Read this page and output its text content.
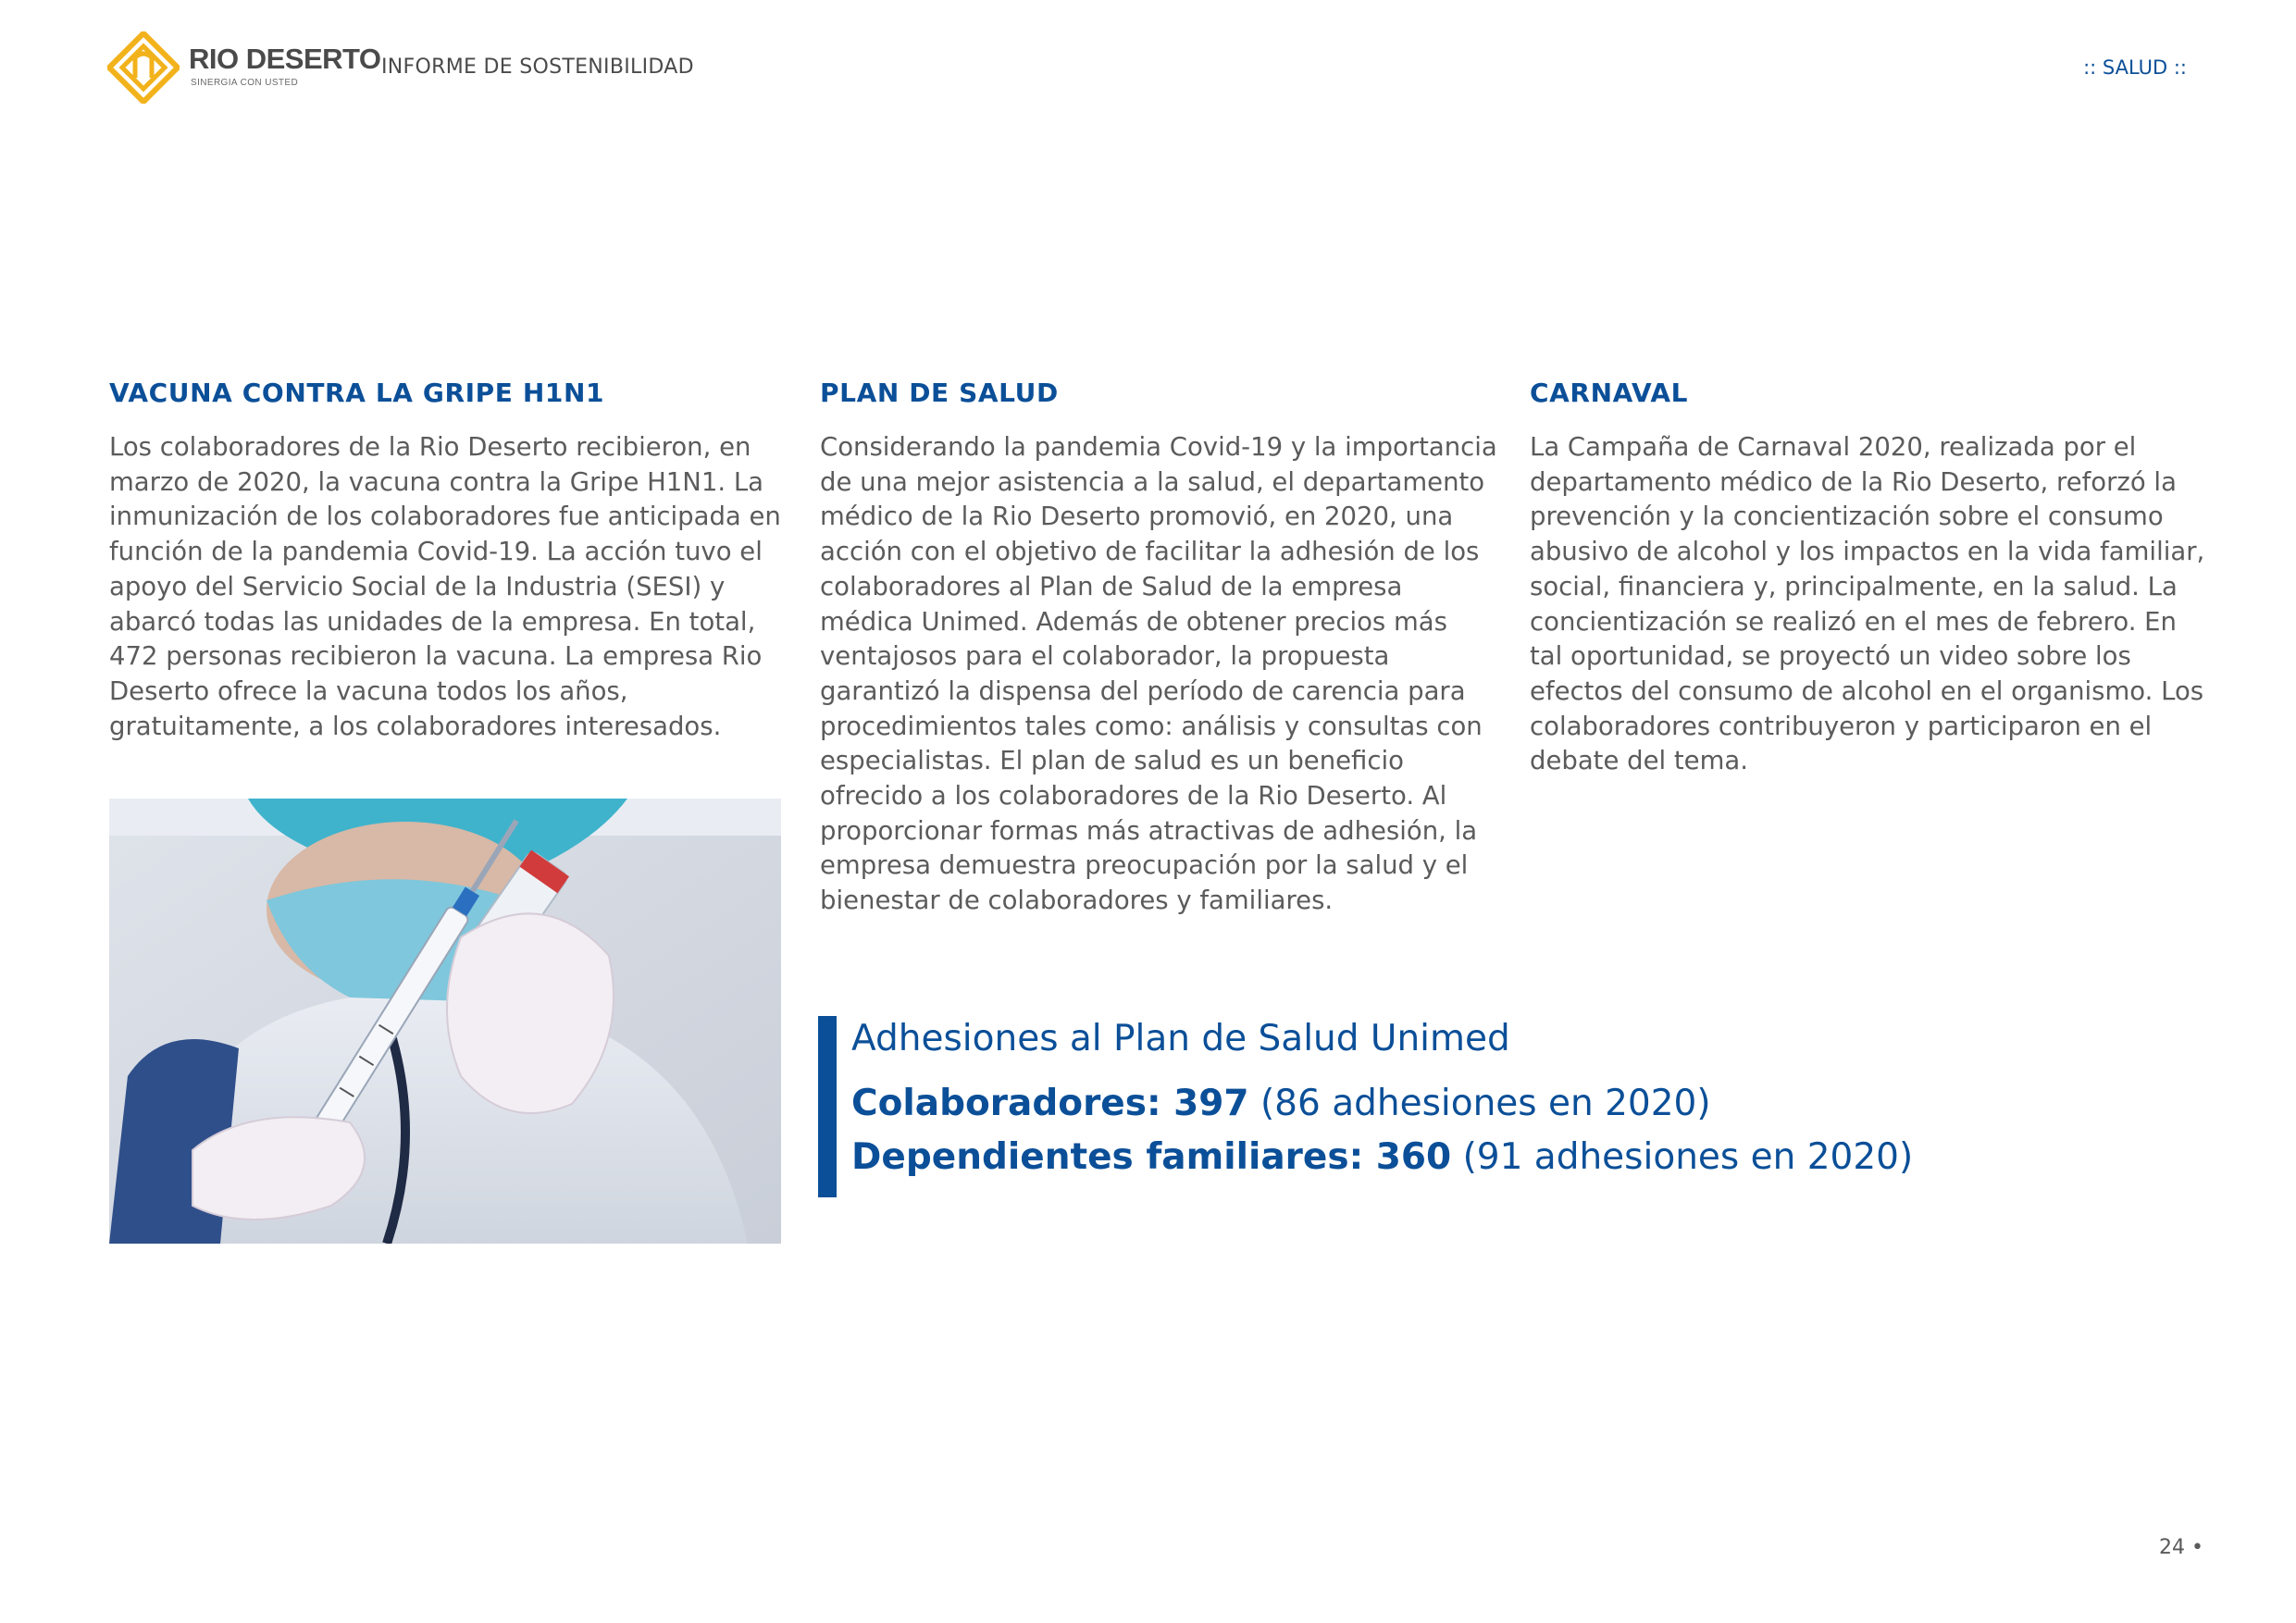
RIO DESERTO
SINERGIA CON USTED
INFORME DE SOSTENIBILIDAD	:: SALUD ::
VACUNA CONTRA LA GRIPE H1N1

Los colaboradores de la Rio Deserto recibieron, en marzo de 2020, la vacuna contra la Gripe H1N1. La inmunización de los colaboradores fue anticipada en función de la pandemia Covid-19. La acción tuvo el apoyo del Servicio Social de la Industria (SESI) y abarcó todas las unidades de la empresa. En total, 472 personas recibieron la vacuna. La empresa Rio Deserto ofrece la vacuna todos los años, gratuitamente, a los colaboradores interesados.

PLAN DE SALUD

Considerando la pandemia Covid-19 y la importancia de una mejor asistencia a la salud, el departamento médico de la Rio Deserto promovió, en 2020, una acción con el objetivo de facilitar la adhesión de los colaboradores al Plan de Salud de la empresa médica Unimed. Además de obtener precios más ventajosos para el colaborador, la propuesta garantizó la dispensa del período de carencia para procedimientos tales como: análisis y consultas con especialistas. El plan de salud es un beneficio ofrecido a los colaboradores de la Rio Deserto. Al proporcionar formas más atractivas de adhesión, la empresa demuestra preocupación por la salud y el bienestar de colaboradores y familiares.

CARNAVAL

La Campaña de Carnaval 2020, realizada por el departamento médico de la Rio Deserto, reforzó la prevención y la concientización sobre el consumo abusivo de alcohol y los impactos en la vida familiar, social, financiera y, principalmente, en la salud. La concientización se realizó en el mes de febrero. En tal oportunidad, se proyectó un video sobre los efectos del consumo de alcohol en el organismo. Los colaboradores contribuyeron y participaron en el debate del tema.

Adhesiones al Plan de Salud Unimed
Colaboradores: 397 (86 adhesiones en 2020)
Dependientes familiares: 360 (91 adhesiones en 2020)
24 •
